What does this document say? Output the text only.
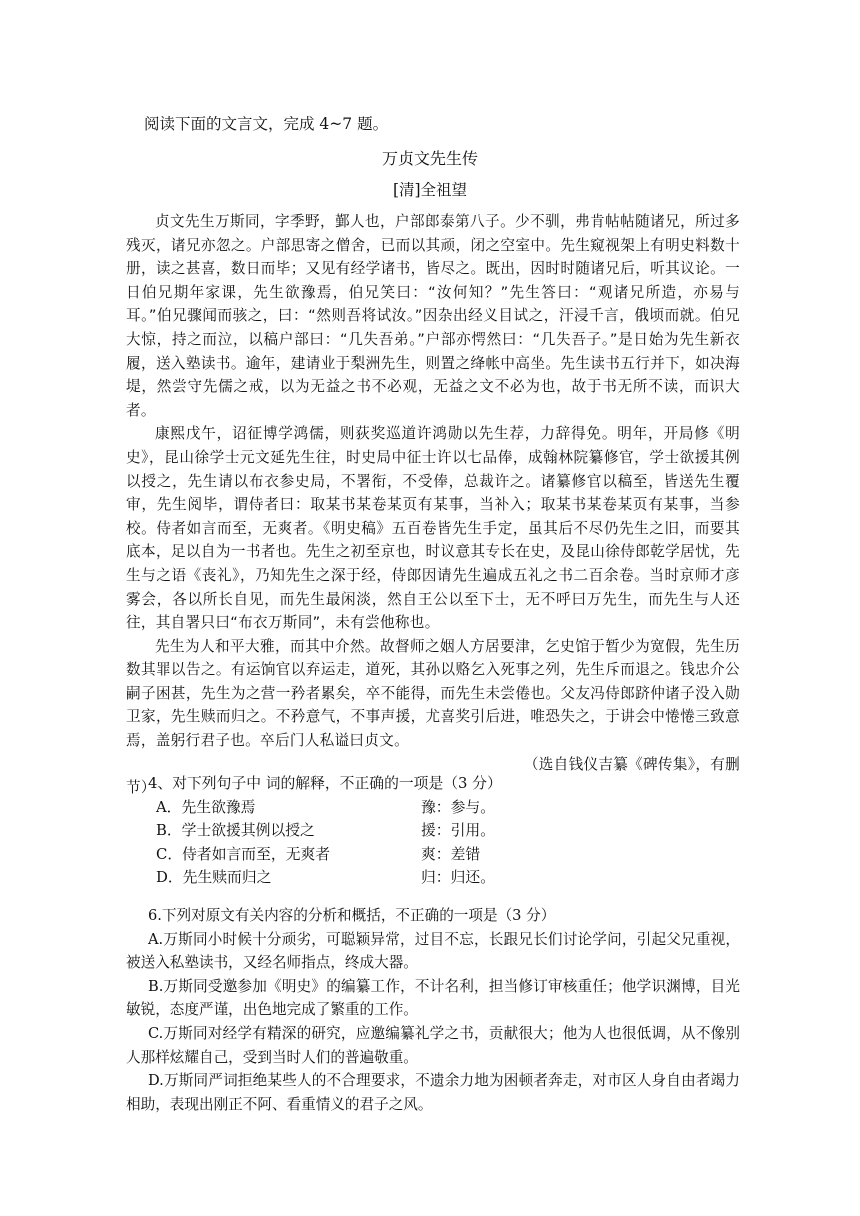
阅读下面的文言文，完成 4~7 题。
万贞文先生传
[清]全祖望

贞文先生万斯同，字季野，鄞人也，户部郎泰第八子。少不驯，弗肯帖帖随诸兄，所过多残灭，诸兄亦忽之。户部思寄之僧舍，已而以其顽，闭之空室中。先生窥视架上有明史料数十册，读之甚喜，数日而毕；又见有经学诸书，皆尽之。既出，因时时随诸兄后，听其议论。一日伯兄期年家课，先生欲豫焉，伯兄笑曰：“汝何知？”先生答曰：“观诸兄所造，亦易与耳。”伯兄骤闻而骇之，曰：“然则吾将试汝。”因杂出经义目试之，汗浸千言，俄顷而就。伯兄大惊，持之而泣，以稿户部曰：“几失吾弟。”户部亦愕然曰：“几失吾子。”是日始为先生新衣履，送入塾读书。逾年，建请业于梨洲先生，则置之绛帐中高坐。先生读书五行并下，如决海堤，然尝守先儒之戒，以为无益之书不必观，无益之文不必为也，故于书无所不读，而识大者。

康熙戊午，诏征博学鸿儒，则荻奖巡道许鸿勋以先生荐，力辞得免。明年，开局修《明史》，昆山徐学士元文延先生往，时史局中征士许以七品俸，成翰林院纂修官，学士欲援其例以授之，先生请以布衣参史局，不署衔，不受俸，总裁许之。诸纂修官以稿至，皆送先生覆审，先生阅毕，谓侍者曰：取某书某卷某页有某事，当补入；取某书某卷某页有某事，当参校。侍者如言而至，无爽者。《明史稿》五百卷皆先生手定，虽其后不尽仍先生之旧，而要其底本，足以自为一书者也。先生之初至京也，时议意其专长在史，及昆山徐侍郎乾学居忧，先生与之语《丧礼》，乃知先生之深于经，侍郎因请先生遍成五礼之书二百余卷。当时京师才彦雾会，各以所长自见，而先生最闲淡，然自王公以至下士，无不呼曰万先生，而先生与人还往，其自署只曰“布衣万斯同”，未有尝他称也。

先生为人和平大雅，而其中介然。故督师之姻人方居要津，乞史馆于暂少为宽假，先生历数其罪以告之。有运饷官以弃运走，道死，其孙以赂乞入死事之列，先生斥而退之。钱忠介公嗣子困甚，先生为之营一矜者累矣，卒不能得，而先生未尝倦也。父友冯侍郎跻仲诸子没入勋卫家，先生赎而归之。不矜意气，不事声援，尤喜奖引后进，唯恐失之，于讲会中惓惓三致意焉，盖躬行君子也。卒后门人私谥曰贞文。

（选自钱仪吉纂《碑传集》，有删

节）

4、对下列句子中 词的解释，不正确的一项是（3 分）

A．先生欲豫焉	豫：参与。
B．学士欲援其例以授之	援：引用。
C．侍者如言而至，无爽者	爽：差错
D．先生赎而归之	归：归还。

6.下列对原文有关内容的分析和概括，不正确的一项是（3 分）

A.万斯同小时候十分顽劣，可聪颖异常，过目不忘，长跟兄长们讨论学问，引起父兄重视，被送入私塾读书，又经名师指点，终成大器。

B.万斯同受邀参加《明史》的编纂工作，不计名利，担当修订审核重任；他学识渊博，目光敏锐，态度严谨，出色地完成了繁重的工作。

C.万斯同对经学有精深的研究，应邀编纂礼学之书，贡献很大；他为人也很低调，从不像别人那样炫耀自己，受到当时人们的普遍敬重。

D.万斯同严词拒绝某些人的不合理要求，不遗余力地为困顿者奔走，对市区人身自由者竭力相助，表现出刚正不阿、看重情义的君子之风。
